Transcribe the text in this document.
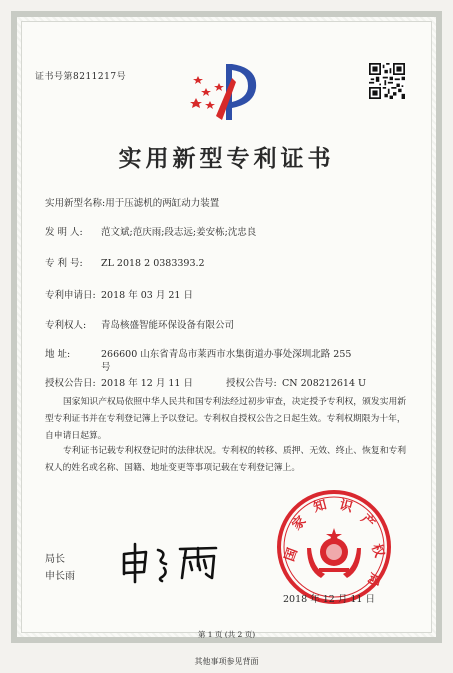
证书号第8211217号
实用新型专利证书
实用新型名称:用于压滤机的两缸动力装置
发 明 人: 范文斌;范庆雨;段志远;姜安栋;沈忠良
专 利 号: ZL 2018 2 0383393.2
专利申请日: 2018 年 03 月 21 日
专利权人: 青岛核盛智能环保设备有限公司
地 址:	266600 山东省青岛市莱西市水集街道办事处深圳北路 255
号
授权公告日: 2018 年 12 月 11 日	授权公告号: CN 208212614 U
国家知识产权局依照中华人民共和国专利法经过初步审查，决定授予专利权，颁发实用新型专利证书并在专利登记簿上予以登记。专利权自授权公告之日起生效。专利权期限为十年，自申请日起算。
专利证书记载专利权登记时的法律状况。专利权的转移、质押、无效、终止、恢复和专利权人的姓名或名称、国籍、地址变更等事项记载在专利登记簿上。
局长
申长雨
国
家
知 识
产
权
局
2018 年 12 月 11 日
第 1 页 (共 2 页)
其他事项参见背面
